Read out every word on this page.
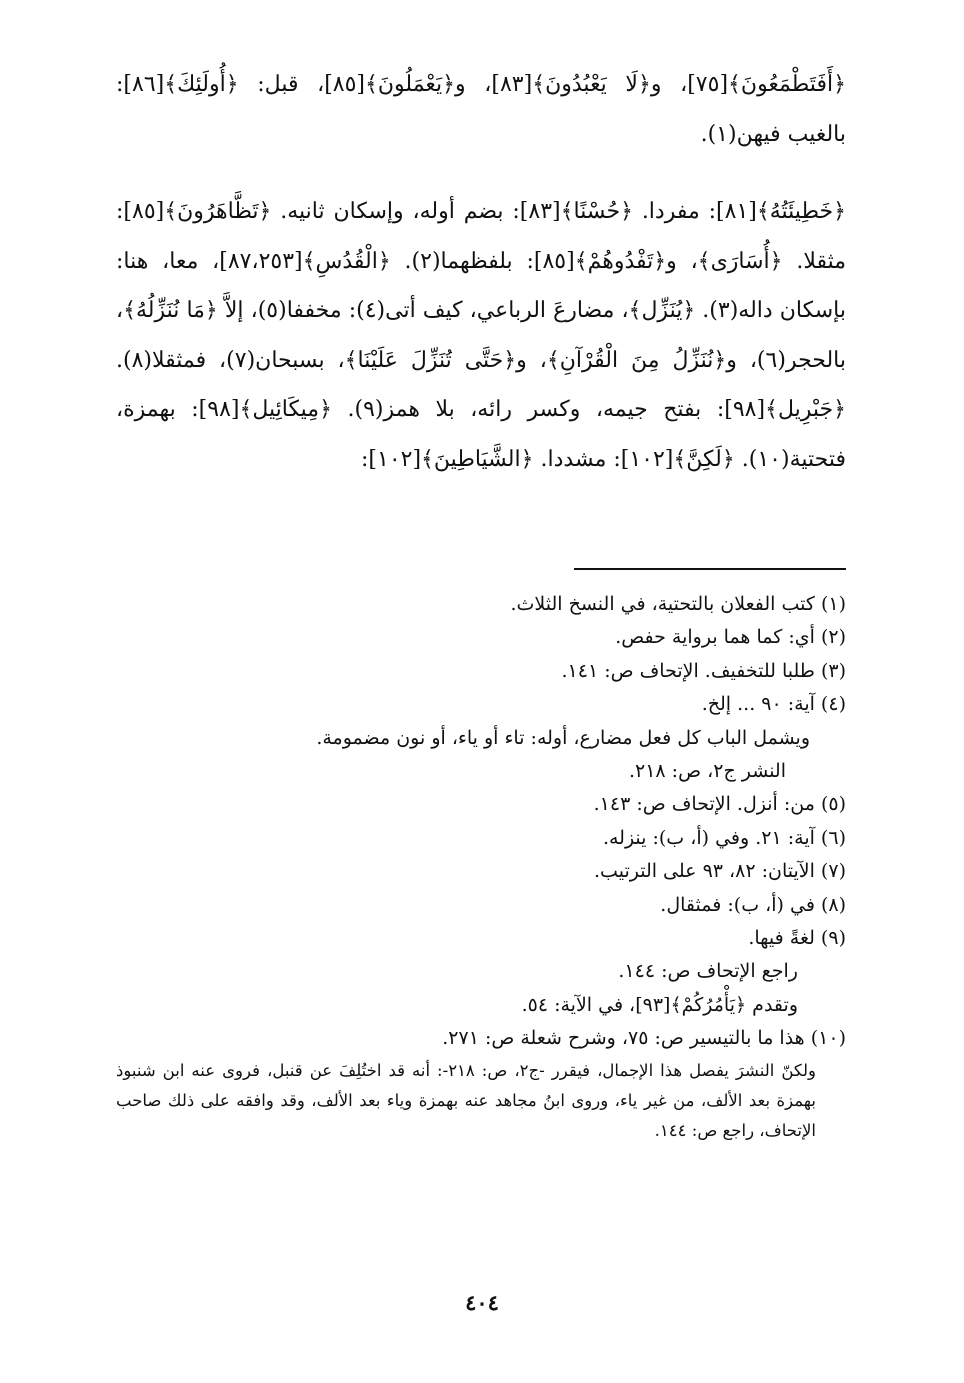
﴿أَفَتَطْمَعُونَ﴾[٧٥]، و﴿لَا يَعْبُدُونَ﴾[٨٣]، و﴿يَعْمَلُونَ﴾[٨٥]، قبل: ﴿أُولَئِكَ﴾[٨٦]: بالغيب فيهن(١).

﴿خَطِيئَتُهُ﴾[٨١]: مفردا. ﴿حُسْنًا﴾[٨٣]: بضم أوله، وإسكان ثانيه. ﴿تَظَّاهَرُونَ﴾[٨٥]: مثقلا. ﴿أُسَارَى﴾، و﴿تَفْدُوهُمْ﴾[٨٥]: بلفظهما(٢). ﴿الْقُدُسِ﴾[٨٧،٢٥٣]، معا، هنا: بإسكان داله(٣). ﴿يُنَزِّل﴾، مضارعَ الرباعي، كيف أتى(٤): مخففا(٥)، إلاَّ ﴿مَا نُنَزِّلُهُ﴾، بالحجر(٦)، و﴿نُنَزِّلُ مِنَ الْقُرْآنِ﴾، و﴿حَتَّى تُنَزِّلَ عَلَيْنَا﴾، بسبحان(٧)، فمثقلا(٨). ﴿جَبْرِيل﴾[٩٨]: بفتح جيمه، وكسر رائه، بلا همز(٩). ﴿مِيكَائِيل﴾[٩٨]: بهمزة، فتحتية(١٠). ﴿لَكِنَّ﴾[١٠٢]: مشددا. ﴿الشَّيَاطِينَ﴾[١٠٢]:

(١) كتب الفعلان بالتحتية، في النسخ الثلاث.
(٢) أي: كما هما برواية حفص.
(٣) طلبا للتخفيف. الإتحاف ص: ١٤١.
(٤) آية: ٩٠ ... إلخ.
ويشمل الباب كل فعل مضارع، أوله: تاء أو ياء، أو نون مضمومة.
النشر ج٢، ص: ٢١٨.
(٥) من: أنزل. الإتحاف ص: ١٤٣.
(٦) آية: ٢١. وفي (أ، ب): ينزله.
(٧) الآيتان: ٨٢، ٩٣ على الترتيب.
(٨) في (أ، ب): فمثقال.
(٩) لغةً فيها.
راجع الإتحاف ص: ١٤٤.
وتقدم ﴿يَأْمُرُكُمْ﴾[٩٣]، في الآية: ٥٤.
(١٠) هذا ما بالتيسير ص: ٧٥، وشرح شعلة ص: ٢٧١.
ولكنّ النشرَ يفصل هذا الإجمال، فيقرر -ج٢، ص: ٢١٨-: أنه قد اختُلِفَ عن قنبل، فروى عنه ابن شنبوذ بهمزة بعد الألف، من غير ياء، وروى ابنُ مجاهد عنه بهمزة وياء بعد الألف، وقد وافقه على ذلك صاحب الإتحاف، راجع ص: ١٤٤.
٤٠٤
